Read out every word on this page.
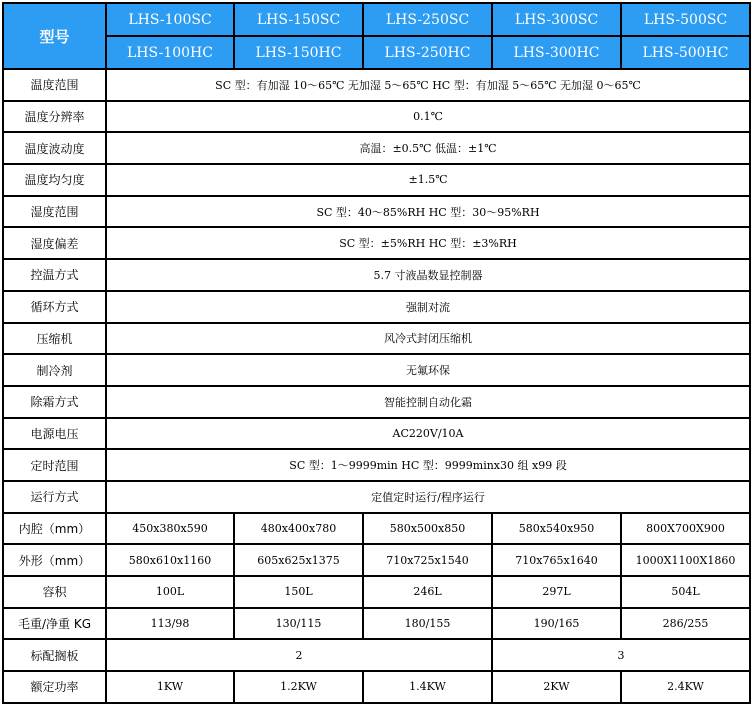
型号	LHS-100SC	LHS-150SC	LHS-250SC	LHS-300SC	LHS-500SC
	LHS-100HC	LHS-150HC	LHS-250HC	LHS-300HC	LHS-500HC
温度范围	SC 型：有加湿 10～65℃ 无加湿 5～65℃ HC 型：有加湿 5～65℃ 无加湿 0～65℃				
温度分辨率	0.1℃				
温度波动度	高温：±0.5℃ 低温：±1℃				
温度均匀度	±1.5℃				
湿度范围	SC 型：40～85%RH HC 型：30～95%RH				
湿度偏差	SC 型：±5%RH HC 型：±3%RH				
控温方式	5.7 寸液晶数显控制器				
循环方式	强制对流				
压缩机	风冷式封闭压缩机				
制冷剂	无氟环保				
除霜方式	智能控制自动化霜				
电源电压	AC220V/10A				
定时范围	SC 型：1～9999min HC 型：9999minx30 组 x99 段				
运行方式	定值定时运行/程序运行				
内腔（mm）	450x380x590	480x400x780	580x500x850	580x540x950	800X700X900
外形（mm）	580x610x1160	605x625x1375	710x725x1540	710x765x1640	1000X1100X1860
容积	100L	150L	246L	297L	504L
毛重/净重 KG	113/98	130/115	180/155	190/165	286/255
标配搁板	2			3	
额定功率	1KW	1.2KW	1.4KW	2KW	2.4KW
